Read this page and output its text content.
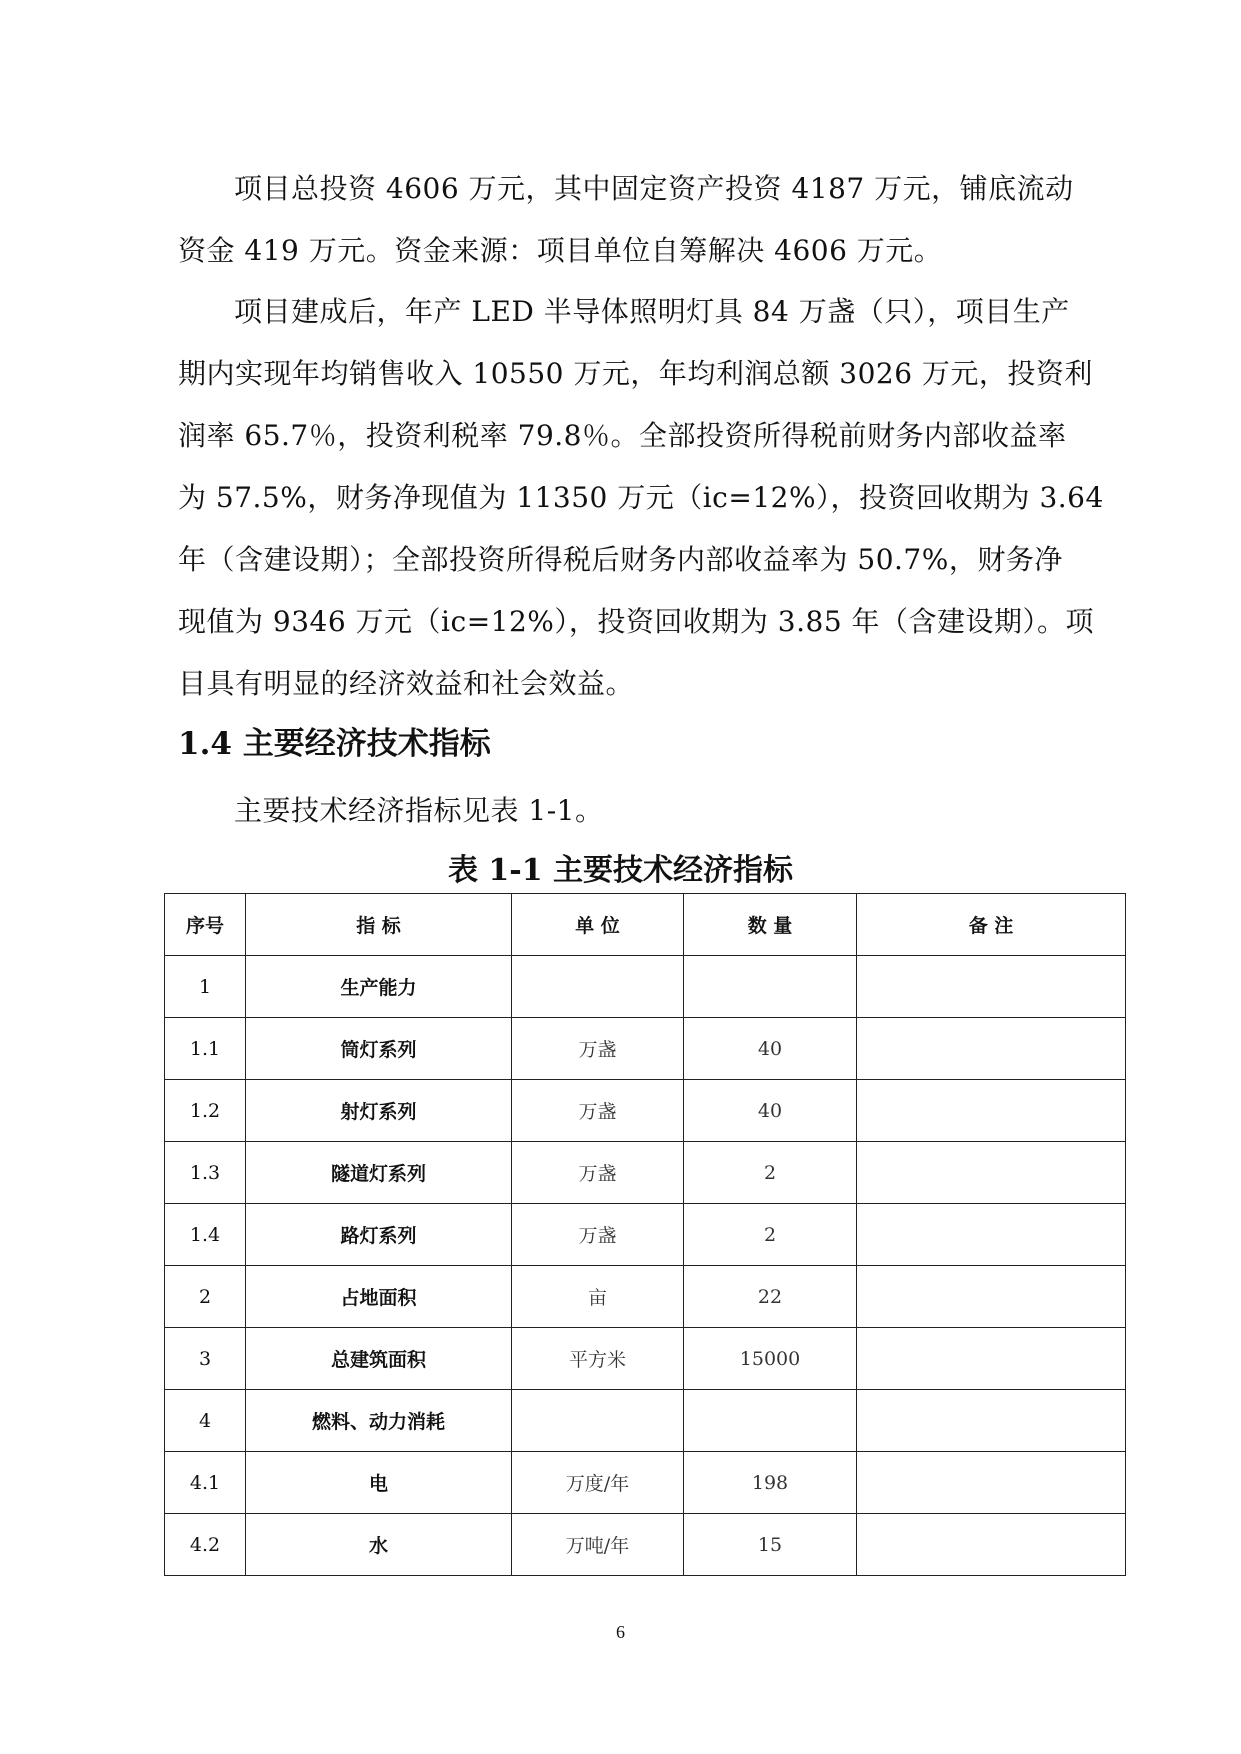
项目总投资 4606 万元，其中固定资产投资 4187 万元，铺底流动
资金 419 万元。资金来源：项目单位自筹解决 4606 万元。
项目建成后，年产 LED 半导体照明灯具 84 万盏（只），项目生产
期内实现年均销售收入 10550 万元，年均利润总额 3026 万元，投资利
润率 65.7％，投资利税率 79.8％。全部投资所得税前财务内部收益率
为 57.5%，财务净现值为 11350 万元（ic=12%），投资回收期为 3.64
年（含建设期）；全部投资所得税后财务内部收益率为 50.7%，财务净
现值为 9346 万元（ic=12%），投资回收期为 3.85 年（含建设期）。项
目具有明显的经济效益和社会效益。
1.4 主要经济技术指标
主要技术经济指标见表 1-1。
表 1-1 主要技术经济指标
序号	指 标	单 位	数 量	备 注
1	生产能力			
1.1	筒灯系列	万盏	40	
1.2	射灯系列	万盏	40	
1.3	隧道灯系列	万盏	2	
1.4	路灯系列	万盏	2	
2	占地面积	亩	22	
3	总建筑面积	平方米	15000	
4	燃料、动力消耗			
4.1	电	万度/年	198	
4.2	水	万吨/年	15	
6
